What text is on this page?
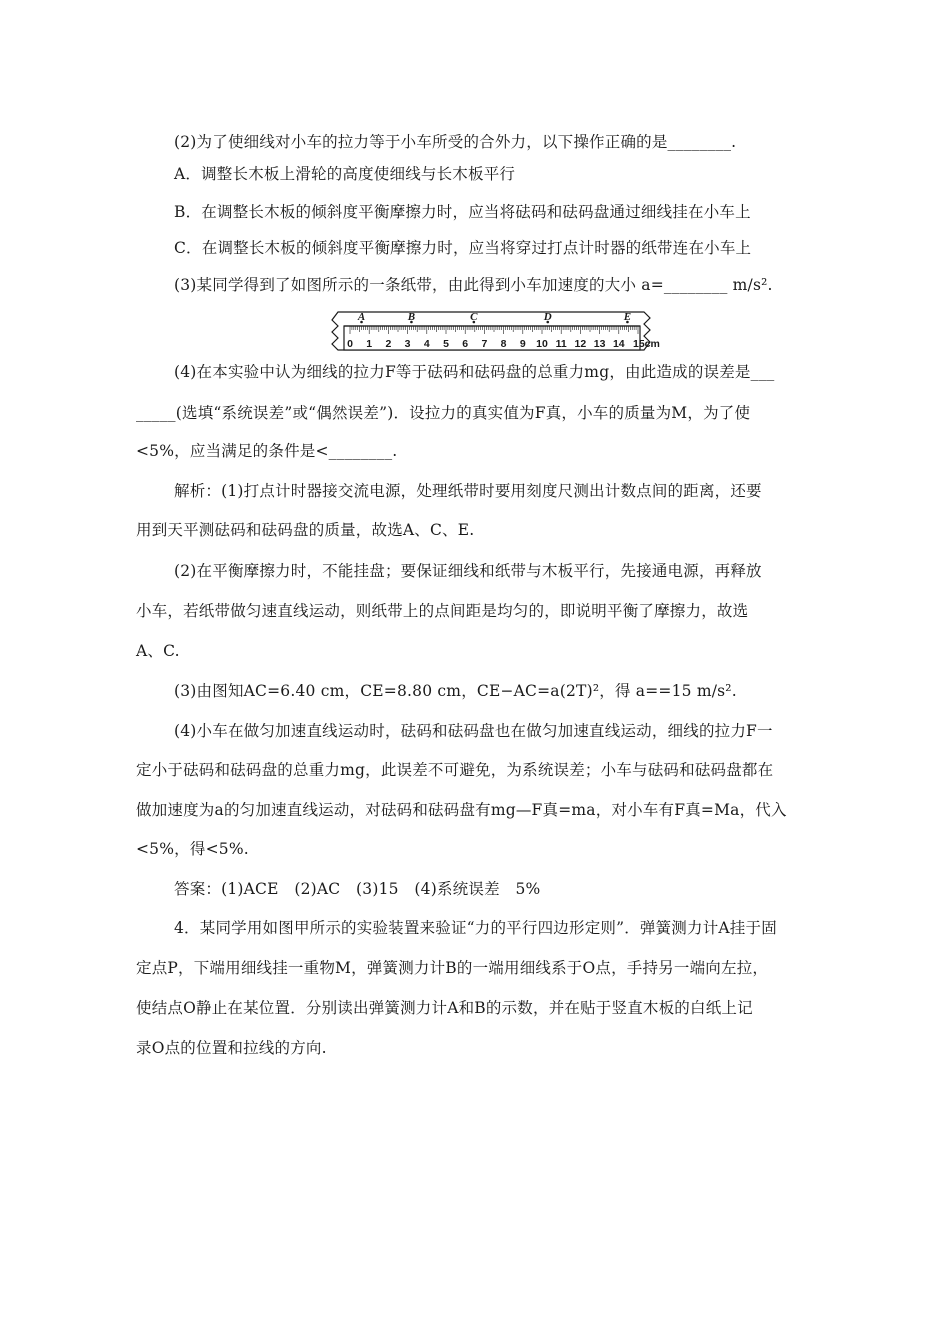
(2)为了使细线对小车的拉力等于小车所受的合外力，以下操作正确的是________.
A．调整长木板上滑轮的高度使细线与长木板平行
B．在调整长木板的倾斜度平衡摩擦力时，应当将砝码和砝码盘通过细线挂在小车上
C．在调整长木板的倾斜度平衡摩擦力时，应当将穿过打点计时器的纸带连在小车上
(3)某同学得到了如图所示的一条纸带，由此得到小车加速度的大小 a=________ m/s².
A	B	C	D	E
0 1 2 3 4 5 6 7 8 9 10 11 12 13 14 15cm
(4)在本实验中认为细线的拉力F等于砝码和砝码盘的总重力mg，由此造成的误差是___
_____(选填“系统误差”或“偶然误差”)．设拉力的真实值为F真，小车的质量为M，为了使
<5%，应当满足的条件是<________.
解析：(1)打点计时器接交流电源，处理纸带时要用刻度尺测出计数点间的距离，还要
用到天平测砝码和砝码盘的质量，故选A、C、E.
(2)在平衡摩擦力时，不能挂盘；要保证细线和纸带与木板平行，先接通电源，再释放
小车，若纸带做匀速直线运动，则纸带上的点间距是均匀的，即说明平衡了摩擦力，故选
A、C.
(3)由图知AC=6.40 cm，CE=8.80 cm，CE−AC=a(2T)²，得 a==15 m/s².
(4)小车在做匀加速直线运动时，砝码和砝码盘也在做匀加速直线运动，细线的拉力F一
定小于砝码和砝码盘的总重力mg，此误差不可避免，为系统误差；小车与砝码和砝码盘都在
做加速度为a的匀加速直线运动，对砝码和砝码盘有mg—F真=ma，对小车有F真=Ma，代入
<5%，得<5%.
答案：(1)ACE　(2)AC　(3)15　(4)系统误差　5%
4．某同学用如图甲所示的实验装置来验证“力的平行四边形定则”．弹簧测力计A挂于固
定点P，下端用细线挂一重物M，弹簧测力计B的一端用细线系于O点，手持另一端向左拉，
使结点O静止在某位置．分别读出弹簧测力计A和B的示数，并在贴于竖直木板的白纸上记
录O点的位置和拉线的方向.
